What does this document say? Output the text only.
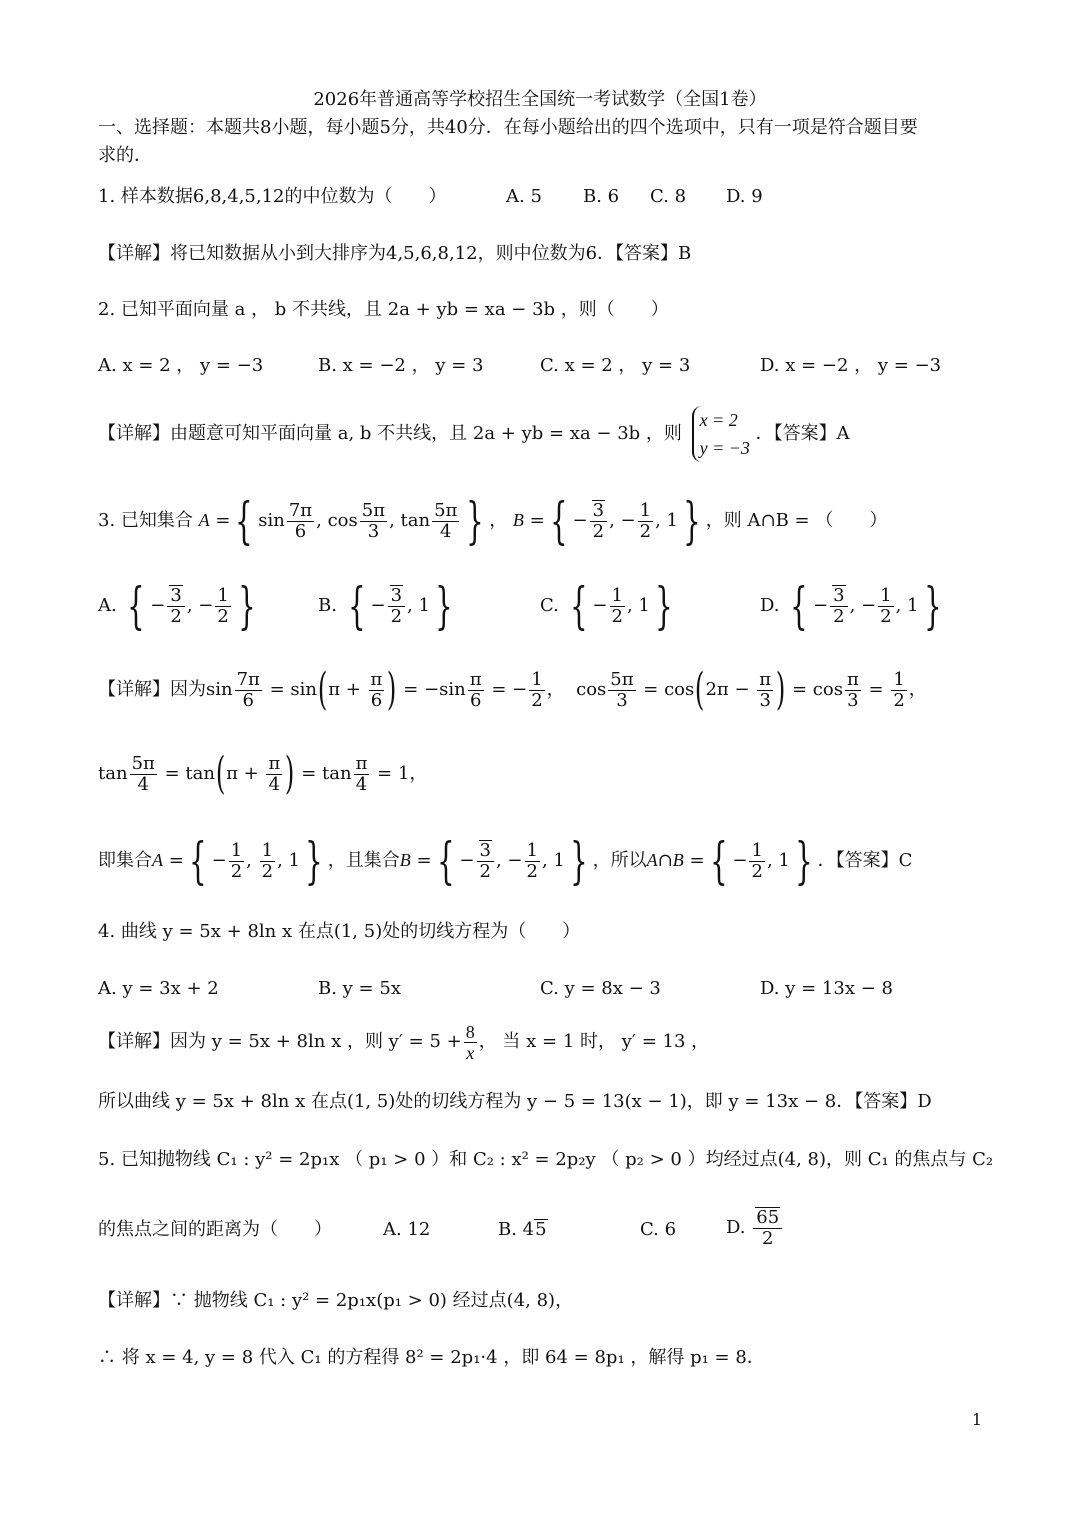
2026年普通高等学校招生全国统一考试数学（全国1卷）
一、选择题：本题共8小题，每小题5分，共40分．在每小题给出的四个选项中，只有一项是符合题目要
求的．
1. 样本数据6,8,4,5,12的中位数为（　　）	A. 5 B. 6 C. 8 D. 9
【详解】将已知数据从小到大排序为4,5,6,8,12，则中位数为6．【答案】B
2. 已知平面向量 a ， b 不共线，且 2a + yb = xa − 3b ，则（　　）
A. x = 2 ， y = −3	B. x = −2 ， y = 3	C. x = 2 ， y = 3	D. x = −2 ， y = −3
【详解】由题意可知平面向量 a, b 不共线，且 2a + yb = xa − 3b ，则
x = 2
y = −3
．【答案】A
3. 已知集合 A = { $\sin \frac{7\pi}{6}$ , $\cos \frac{5\pi}{3}$ , $\tan \frac{5\pi}{4}$ } ， B = { − $\frac{3}{2}$ , − $\frac{1}{2}$ , 1 } ，则 A∩B = （　　）
A. { − $\frac{3}{2}$ , − $\frac{1}{2}$ }	B. { − $\frac{3}{2}$ , 1 }	C. { − $\frac{1}{2}$ , 1 }	D. { − $\frac{3}{2}$ , − $\frac{1}{2}$ , 1 }
【详解】因为$\sin \frac{7\pi}{6} = \sin(\pi + \frac{\pi}{6}$ ) = $-\sin \frac{\pi}{6}$ = − $\frac{1}{2}$ ，  $\cos \frac{5\pi}{3} = \cos(2\pi - \frac{\pi}{3}$ ) = $\cos \frac{\pi}{3} = \frac{1}{2}$ ，
$\tan \frac{5\pi}{4} = \tan(\pi + \frac{\pi}{4}$ ) = $\tan \frac{\pi}{4} = 1$，
即集合A = { − $\frac{1}{2}$ , $\frac{1}{2}$ , 1 } ，且集合B = { − $\frac{3}{2}$ , − $\frac{1}{2}$ , 1 } ，所以A∩B = { − $\frac{1}{2}$ , 1 } ．【答案】C
4. 曲线 y = 5x + 8ln x 在点(1, 5)处的切线方程为（　　）
A. y = 3x + 2	B. y = 5x	C. y = 8x − 3	D. y = 13x − 8
【详解】因为 y = 5x + 8ln x ，则 $y' = 5 + \frac{8}{x}$ ， 当 x = 1 时， y′ = 13 ，
所以曲线 y = 5x + 8ln x 在点(1, 5)处的切线方程为 y − 5 = 13(x − 1)，即 y = 13x − 8．【答案】D
5. 已知抛物线 C₁ : y² = 2p₁x （ p₁ > 0 ）和 C₂ : x² = 2p₂y （ p₂ > 0 ）均经过点(4, 8)，则 C₁ 的焦点与 C₂
的焦点之间的距离为（　　）	A. 12	B. 45	C. 6	D. $\frac{65}{2}$
【详解】∵ 抛物线 C₁ : y² = 2p₁x(p₁ > 0) 经过点(4, 8)，
∴ 将 x = 4, y = 8 代入 C₁ 的方程得 8² = 2p₁·4 ，即 64 = 8p₁ ，解得 p₁ = 8．
1
